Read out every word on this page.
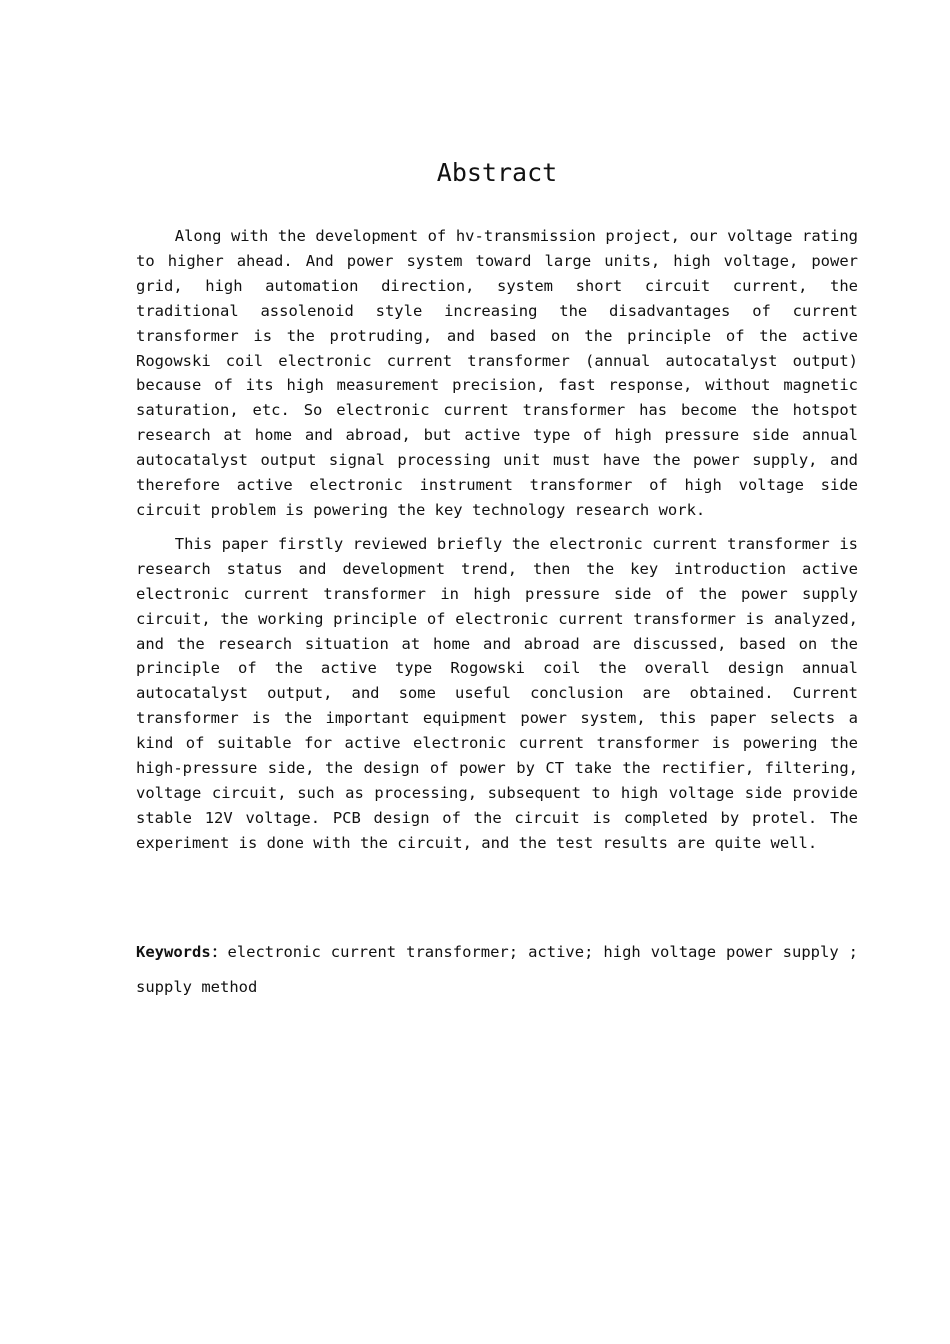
Abstract

Along with the development of hv-transmission project, our voltage rating to higher ahead. And power system toward large units, high voltage, power grid, high automation direction, system short circuit current, the traditional assolenoid style increasing the disadvantages of current transformer is the protruding, and based on the principle of the active Rogowski coil electronic current transformer (annual autocatalyst output) because of its high measurement precision, fast response, without magnetic saturation, etc. So electronic current transformer has become the hotspot research at home and abroad, but active type of high pressure side annual autocatalyst output signal processing unit must have the power supply, and therefore active electronic instrument transformer of high voltage side circuit problem is powering the key technology research work.

This paper firstly reviewed briefly the electronic current transformer is research status and development trend, then the key introduction active electronic current transformer in high pressure side of the power supply circuit, the working principle of electronic current transformer is analyzed, and the research situation at home and abroad are discussed, based on the principle of the active type Rogowski coil the overall design annual autocatalyst output, and some useful conclusion are obtained. Current transformer is the important equipment power system, this paper selects a kind of suitable for active electronic current transformer is powering the high-pressure side, the design of power by CT take the rectifier, filtering, voltage circuit, such as processing, subsequent to high voltage side provide stable 12V voltage. PCB design of the circuit is completed by protel. The experiment is done with the circuit, and the test results are quite well.

Keywords：electronic current transformer; active; high voltage power supply ; supply method
